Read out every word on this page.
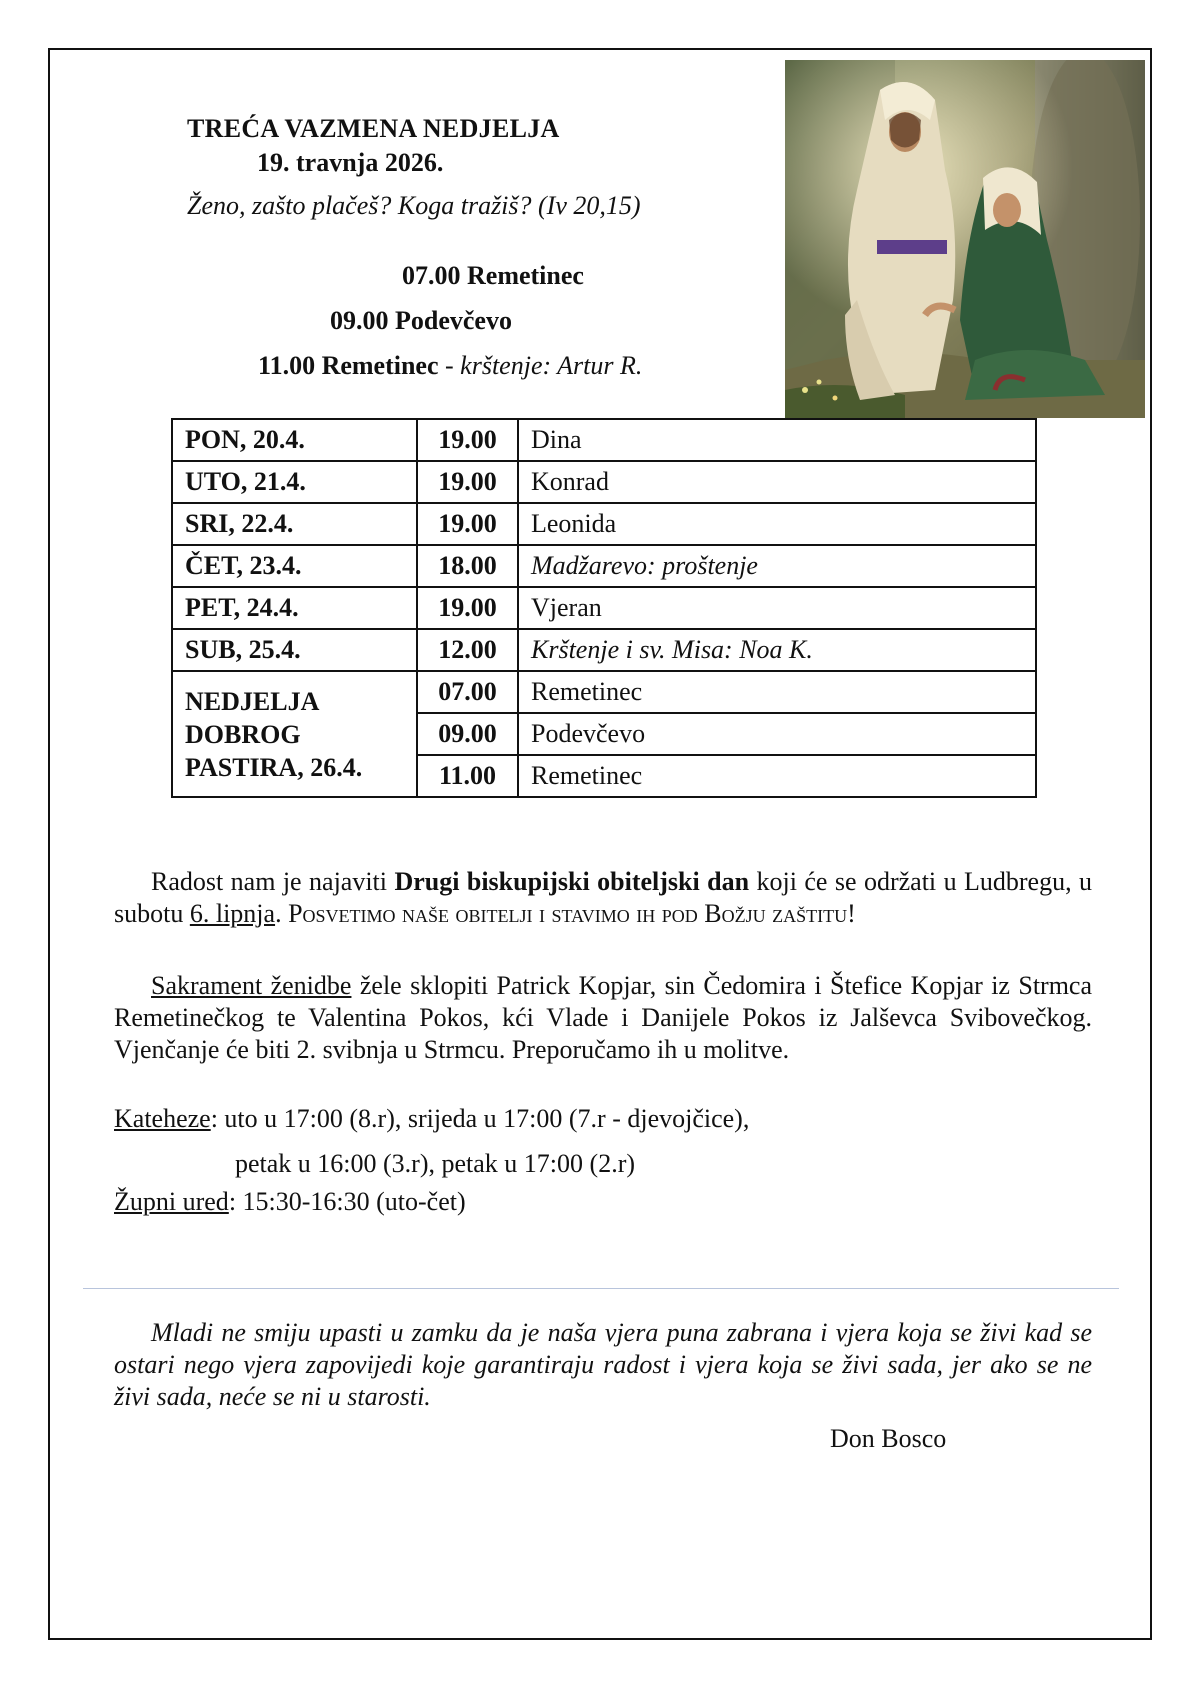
TREĆA VAZMENA NEDJELJA
19. travnja 2026.
Ženo, zašto plačeš? Koga tražiš? (Iv 20,15)
07.00 Remetinec
09.00 Podevčevo
11.00 Remetinec - krštenje: Artur R.
PON, 20.4.	19.00	Dina
UTO, 21.4.	19.00	Konrad
SRI, 22.4.	19.00	Leonida
ČET, 23.4.	18.00	Madžarevo: proštenje
PET, 24.4.	19.00	Vjeran
SUB, 25.4.	12.00	Krštenje i sv. Misa: Noa K.

NEDJELJA
DOBROG
PASTIRA, 26.4.	07.00	Remetinec
	09.00	Podevčevo
	11.00	Remetinec
Radost nam je najaviti Drugi biskupijski obiteljski dan koji će se održati u Ludbregu, u subotu 6. lipnja. Posvetimo naše obitelji i stavimo ih pod Božju zaštitu!
Sakrament ženidbe žele sklopiti Patrick Kopjar, sin Čedomira i Štefice Kopjar iz Strmca Remetinečkog te Valentina Pokos, kći Vlade i Danijele Pokos iz Jalševca Svibovečkog. Vjenčanje će biti 2. svibnja u Strmcu. Preporučamo ih u molitve.
Kateheze: uto u 17:00 (8.r), srijeda u 17:00 (7.r - djevojčice),
petak u 16:00 (3.r), petak u 17:00 (2.r)
Župni ured: 15:30-16:30 (uto-čet)
Mladi ne smiju upasti u zamku da je naša vjera puna zabrana i vjera koja se živi kad se ostari nego vjera zapovijedi koje garantiraju radost i vjera koja se živi sada, jer ako se ne živi sada, neće se ni u starosti.
Don Bosco
